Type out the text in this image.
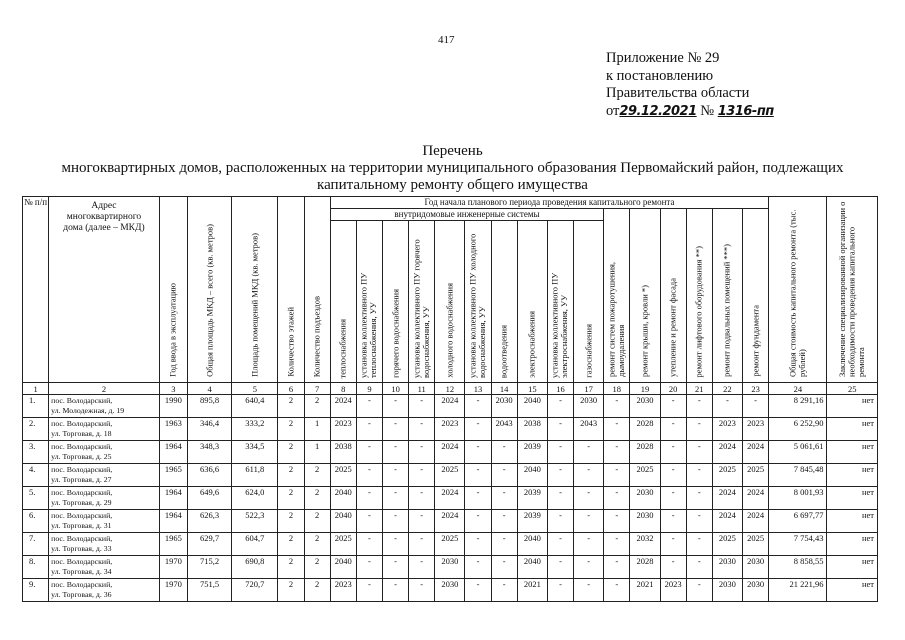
417
Приложение № 29
к постановлению
Правительства области
от29.12.2021 № 1316-пп
Перечень
многоквартирных домов, расположенных на территории муниципального образования Первомайский район, подлежащих
капитальному ремонту общего имущества
№ п/п	Адрес многоквартирного дома (далее – МКД)	Год ввода в эксплуатацию	Общая площадь МКД – всего (кв. метров)	Площадь помещений МКД (кв. метров)	Количество этажей	Количество подъездов	Год начала планового периода проведения капитального ремонта																Общая стоимость капитального ремонта (тыс. рублей)	Заключение специализированной организации о необходимости проведения капитального ремонта

							внутридомовые инженерные системы										ремонт систем пожаротушения, дымоудаления	ремонт крыши, кровли *)	утепление и ремонт фасада	ремонт лифтового оборудования **)	ремонт подвальных помещений ***)	ремонт фундамента		

							теплоснабжения	установка коллективного ПУ теплоснабжения, УУ	горячего водоснабжения	установка коллективного ПУ горячего водоснабжения, УУ	холодного водоснабжения	установка коллективного ПУ холодного водоснабжения, УУ	водоотведения	электроснабжения	установка коллективного ПУ электроснабжения, УУ	газоснабжения								

1	2	3	4	5	6	7	8	9	10	11	12	13	14	15	16	17	18	19	20	21	22	23	24	25
1.	пос. Володарский,
ул. Молодежная, д. 19	1990	895,8	640,4	2	2	2024	-	-	-	2024	-	2030	2040	-	2030	-	2030	-	-	-	-	8 291,16	нет
2.	пос. Володарский,
ул. Торговая, д. 18	1963	346,4	333,2	2	1	2023	-	-	-	2023	-	2043	2038	-	2043	-	2028	-	-	2023	2023	6 252,90	нет
3.	пос. Володарский,
ул. Торговая, д. 25	1964	348,3	334,5	2	1	2038	-	-	-	2024	-	-	2039	-	-	-	2028	-	-	2024	2024	5 061,61	нет
4.	пос. Володарский,
ул. Торговая, д. 27	1965	636,6	611,8	2	2	2025	-	-	-	2025	-	-	2040	-	-	-	2025	-	-	2025	2025	7 845,48	нет
5.	пос. Володарский,
ул. Торговая, д. 29	1964	649,6	624,0	2	2	2040	-	-	-	2024	-	-	2039	-	-	-	2030	-	-	2024	2024	8 001,93	нет
6.	пос. Володарский,
ул. Торговая, д. 31	1964	626,3	522,3	2	2	2040	-	-	-	2024	-	-	2039	-	-	-	2030	-	-	2024	2024	6 697,77	нет
7.	пос. Володарский,
ул. Торговая, д. 33	1965	629,7	604,7	2	2	2025	-	-	-	2025	-	-	2040	-	-	-	2032	-	-	2025	2025	7 754,43	нет
8.	пос. Володарский,
ул. Торговая, д. 34	1970	715,2	690,8	2	2	2040	-	-	-	2030	-	-	2040	-	-	-	2028	-	-	2030	2030	8 858,55	нет
9.	пос. Володарский,
ул. Торговая, д. 36	1970	751,5	720,7	2	2	2023	-	-	-	2030	-	-	2021	-	-	-	2021	2023	-	2030	2030	21 221,96	нет
